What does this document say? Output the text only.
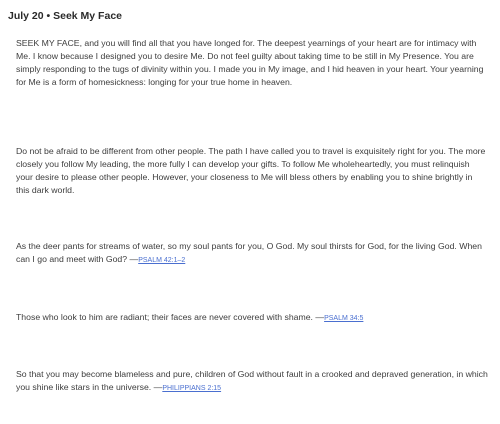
July 20 • Seek My Face

SEEK MY FACE, and you will find all that you have longed for. The deepest yearnings of your heart are for intimacy with Me. I know because I designed you to desire Me. Do not feel guilty about taking time to be still in My Presence. You are simply responding to the tugs of divinity within you. I made you in My image, and I hid heaven in your heart. Your yearning for Me is a form of homesickness: longing for your true home in heaven.

Do not be afraid to be different from other people. The path I have called you to travel is exquisitely right for you. The more closely you follow My leading, the more fully I can develop your gifts. To follow Me wholeheartedly, you must relinquish your desire to please other people. However, your closeness to Me will bless others by enabling you to shine brightly in this dark world.

As the deer pants for streams of water, so my soul pants for you, O God. My soul thirsts for God, for the living God. When can I go and meet with God? —PSALM 42:1–2

Those who look to him are radiant; their faces are never covered with shame. —PSALM 34:5

So that you may become blameless and pure, children of God without fault in a crooked and depraved generation, in which you shine like stars in the universe. —PHILIPPIANS 2:15
